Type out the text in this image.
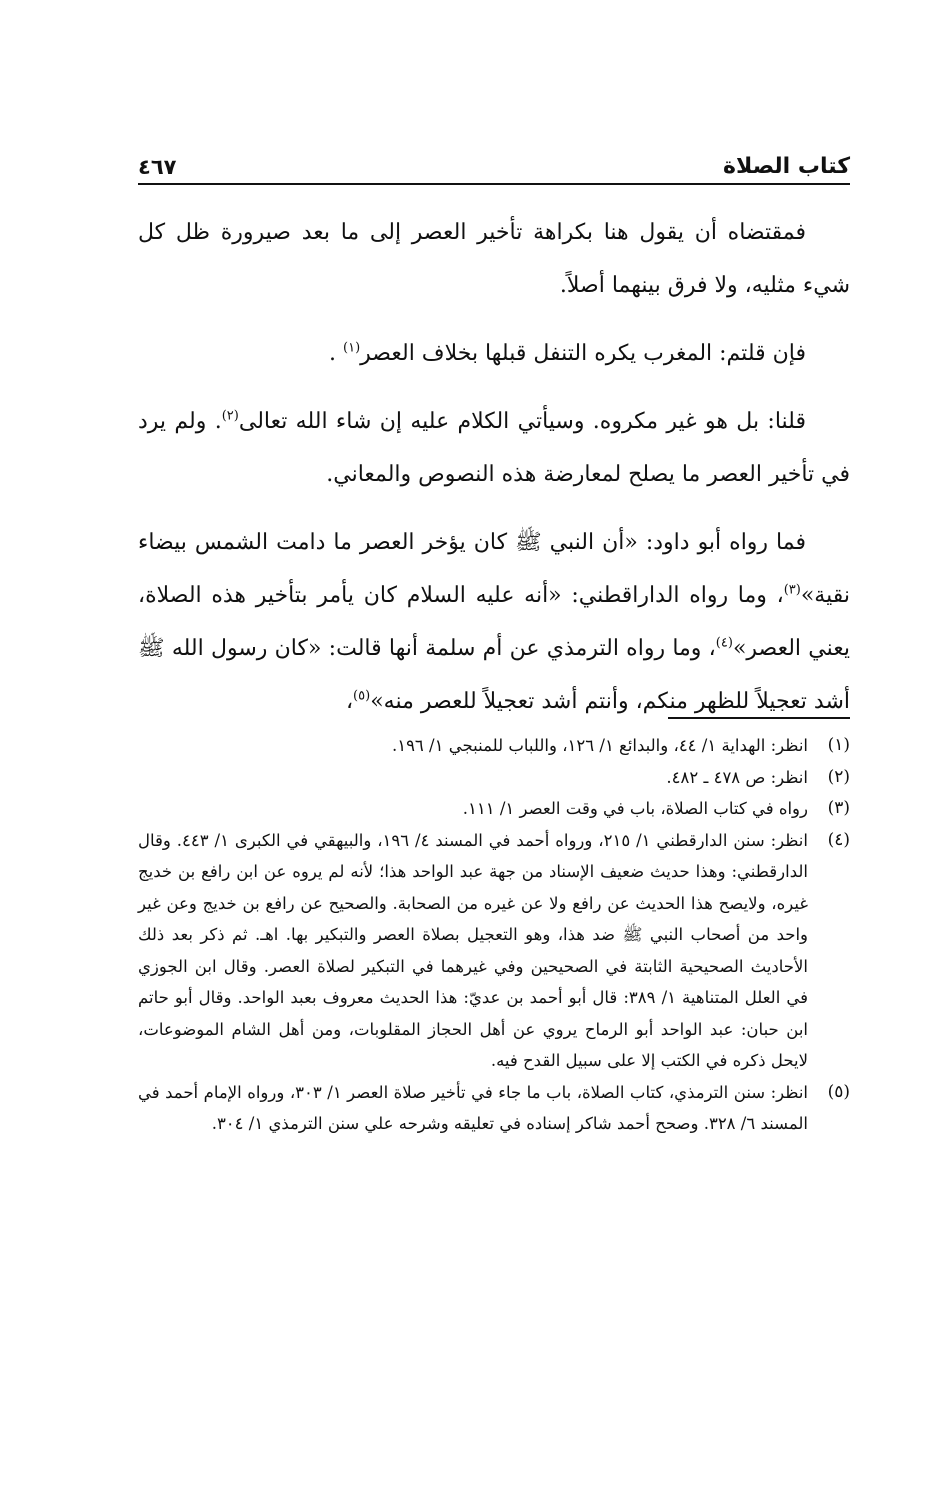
كتاب الصلاة
٤٦٧

فمقتضاه أن يقول هنا بكراهة تأخير العصر إلى ما بعد صيرورة ظل كل شيء مثليه، ولا فرق بينهما أصلاً.

فإن قلتم: المغرب يكره التنفل قبلها بخلاف العصر$^{(١)}$ .

قلنا: بل هو غير مكروه. وسيأتي الكلام عليه إن شاء الله تعالى$^{(٢)}$. ولم يرد في تأخير العصر ما يصلح لمعارضة هذه النصوص والمعاني.

فما رواه أبو داود: «أن النبي ﷺ كان يؤخر العصر ما دامت الشمس بيضاء نقية»$^{(٣)}$، وما رواه الداراقطني: «أنه عليه السلام كان يأمر بتأخير هذه الصلاة، يعني العصر»$^{(٤)}$، وما رواه الترمذي عن أم سلمة أنها قالت: «كان رسول الله ﷺ أشد تعجيلاً للظهر منكم، وأنتم أشد تعجيلاً للعصر منه»$^{(٥)}$،

(١)
انظر: الهداية ١/ ٤٤، والبدائع ١/ ١٢٦، واللباب للمنبجي ١/ ١٩٦.
(٢)
انظر: ص ٤٧٨ ـ ٤٨٢.
(٣)
رواه في كتاب الصلاة، باب في وقت العصر ١/ ١١١.
(٤)
انظر: سنن الدارقطني ١/ ٢١٥، ورواه أحمد في المسند ٤/ ١٩٦، والبيهقي في الكبرى ١/ ٤٤٣. وقال الدارقطني: وهذا حديث ضعيف الإسناد من جهة عبد الواحد هذا؛ لأنه لم يروه عن ابن رافع بن خديج غيره، ولايصح هذا الحديث عن رافع ولا عن غيره من الصحابة. والصحيح عن رافع بن خديج وعن غير واحد من أصحاب النبي ﷺ ضد هذا، وهو التعجيل بصلاة العصر والتبكير بها. اهـ. ثم ذكر بعد ذلك الأحاديث الصحيحية الثابتة في الصحيحين وفي غيرهما في التبكير لصلاة العصر. وقال ابن الجوزي في العلل المتناهية ١/ ٣٨٩: قال أبو أحمد بن عديّ: هذا الحديث معروف بعبد الواحد. وقال أبو حاتم ابن حبان: عبد الواحد أبو الرماح يروي عن أهل الحجاز المقلوبات، ومن أهل الشام الموضوعات، لايحل ذكره في الكتب إلا على سبيل القدح فيه.
(٥)
انظر: سنن الترمذي، كتاب الصلاة، باب ما جاء في تأخير صلاة العصر ١/ ٣٠٣، ورواه الإمام أحمد في المسند ٦/ ٣٢٨. وصحح أحمد شاكر إسناده في تعليقه وشرحه علي سنن الترمذي ١/ ٣٠٤.
